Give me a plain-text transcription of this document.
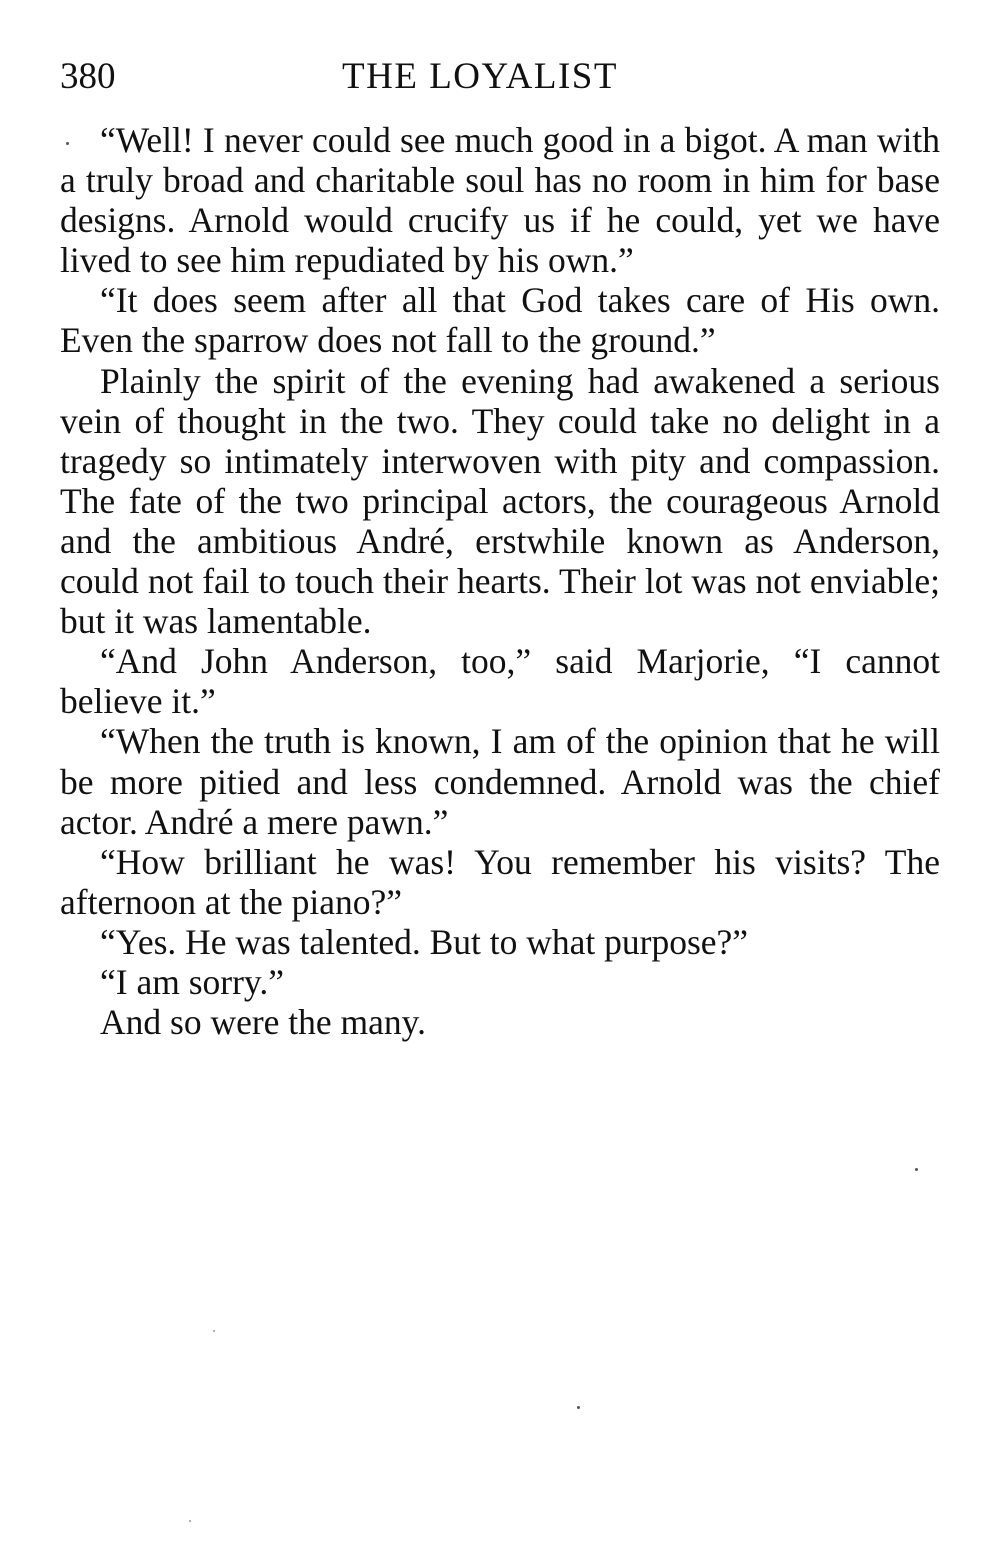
380	THE LOYALIST

“Well! I never could see much good in a bigot. A man with a truly broad and charitable soul has no room in him for base designs. Arnold would crucify us if he could, yet we have lived to see him repudiated by his own.”

“It does seem after all that God takes care of His own. Even the sparrow does not fall to the ground.”

Plainly the spirit of the evening had awakened a serious vein of thought in the two. They could take no delight in a tragedy so intimately interwoven with pity and compassion. The fate of the two principal actors, the courageous Arnold and the ambitious André, erstwhile known as Anderson, could not fail to touch their hearts. Their lot was not enviable; but it was lamentable.

“And John Anderson, too,” said Marjorie, “I cannot believe it.”

“When the truth is known, I am of the opinion that he will be more pitied and less condemned. Arnold was the chief actor. André a mere pawn.”

“How brilliant he was! You remember his visits? The afternoon at the piano?”

“Yes. He was talented. But to what purpose?”

“I am sorry.”

And so were the many.
